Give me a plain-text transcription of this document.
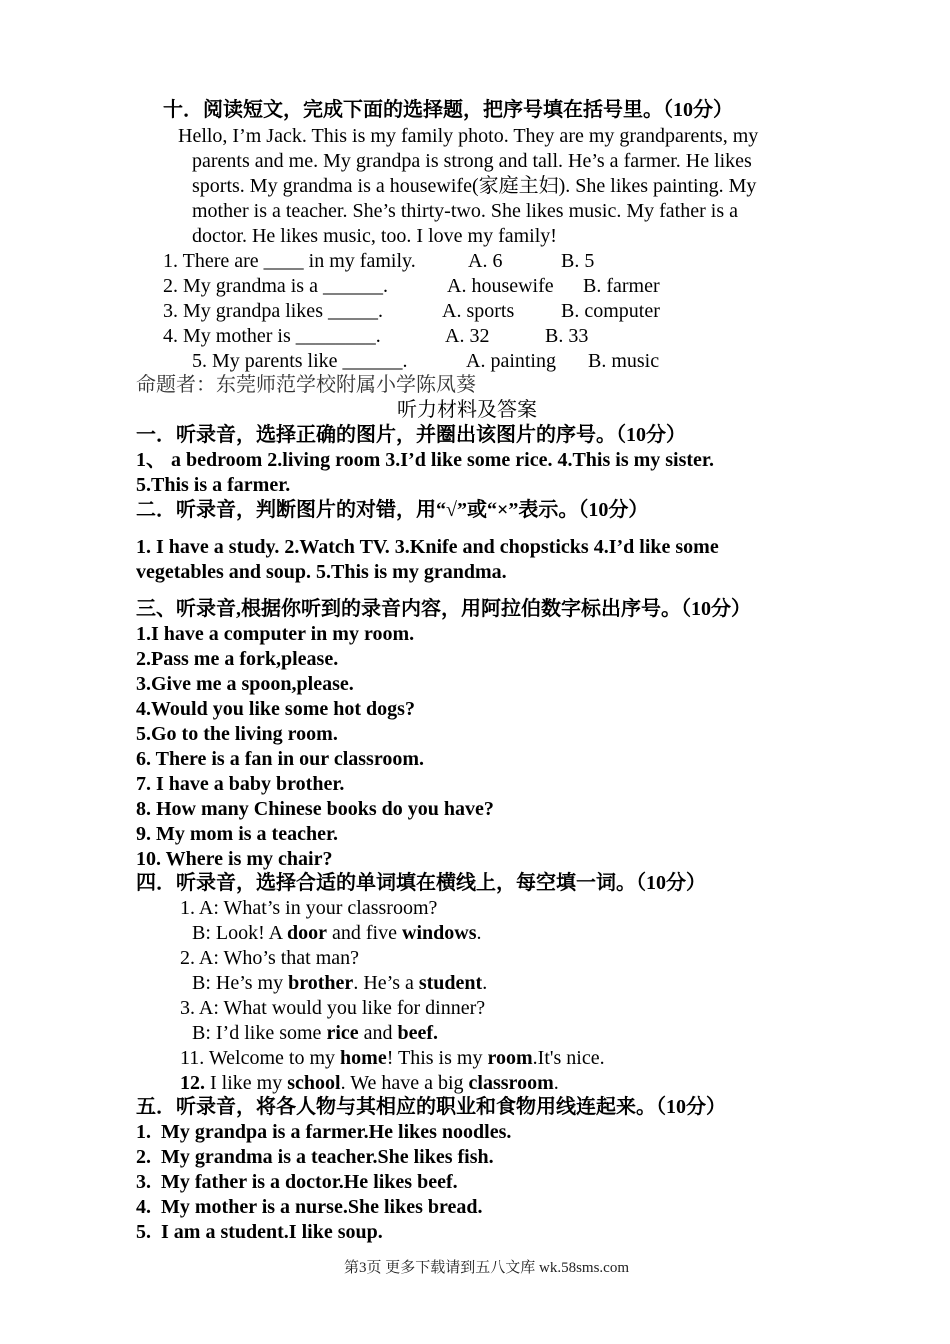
十．阅读短文，完成下面的选择题，把序号填在括号里。（10分）
Hello, I’m Jack. This is my family photo. They are my grandparents, my
parents and me. My grandpa is strong and tall. He’s a farmer. He likes
sports. My grandma is a housewife(家庭主妇). She likes painting. My
mother is a teacher. She’s thirty-two. She likes music. My father is a
doctor. He likes music, too. I love my family!
1. There are ____ in my family.	A. 6	B. 5
2. My grandma is a ______.	A. housewife B. farmer
3. My grandpa likes _____.	A. sports B. computer
4. My mother is ________.	A. 32	B. 33
5. My parents like ______.	A. painting B. music
命题者：东莞师范学校附属小学陈凤葵
听力材料及答案
一．听录音，选择正确的图片，并圈出该图片的序号。（10分）
1、 a bedroom 2.living room 3.I’d like some rice. 4.This is my sister.
5.This is a farmer.
二．听录音，判断图片的对错，用“√”或“×”表示。（10分）
1. I have a study. 2.Watch TV. 3.Knife and chopsticks 4.I’d like some
vegetables and soup. 5.This is my grandma.
三、听录音,根据你听到的录音内容，用阿拉伯数字标出序号。（10分）
1.I have a computer in my room.
2.Pass me a fork,please.
3.Give me a spoon,please.
4.Would you like some hot dogs?
5.Go to the living room.
6. There is a fan in our classroom.
7. I have a baby brother.
8. How many Chinese books do you have?
9. My mom is a teacher.
10. Where is my chair?
四．听录音，选择合适的单词填在横线上，每空填一词。（10分）
1. A: What’s in your classroom?
B: Look! A door and five windows.
2. A: Who’s that man?
B: He’s my brother. He’s a student.
3. A: What would you like for dinner?
B: I’d like some rice and beef.
11. Welcome to my home! This is my room.It's nice.
12. I like my school. We have a big classroom.
五．听录音，将各人物与其相应的职业和食物用线连起来。（10分）
1.  My grandpa is a farmer.He likes noodles.
2.  My grandma is a teacher.She likes fish.
3.  My father is a doctor.He likes beef.
4.  My mother is a nurse.She likes bread.
5.  I am a student.I like soup.
第3页 更多下载请到五八文库 wk.58sms.com
